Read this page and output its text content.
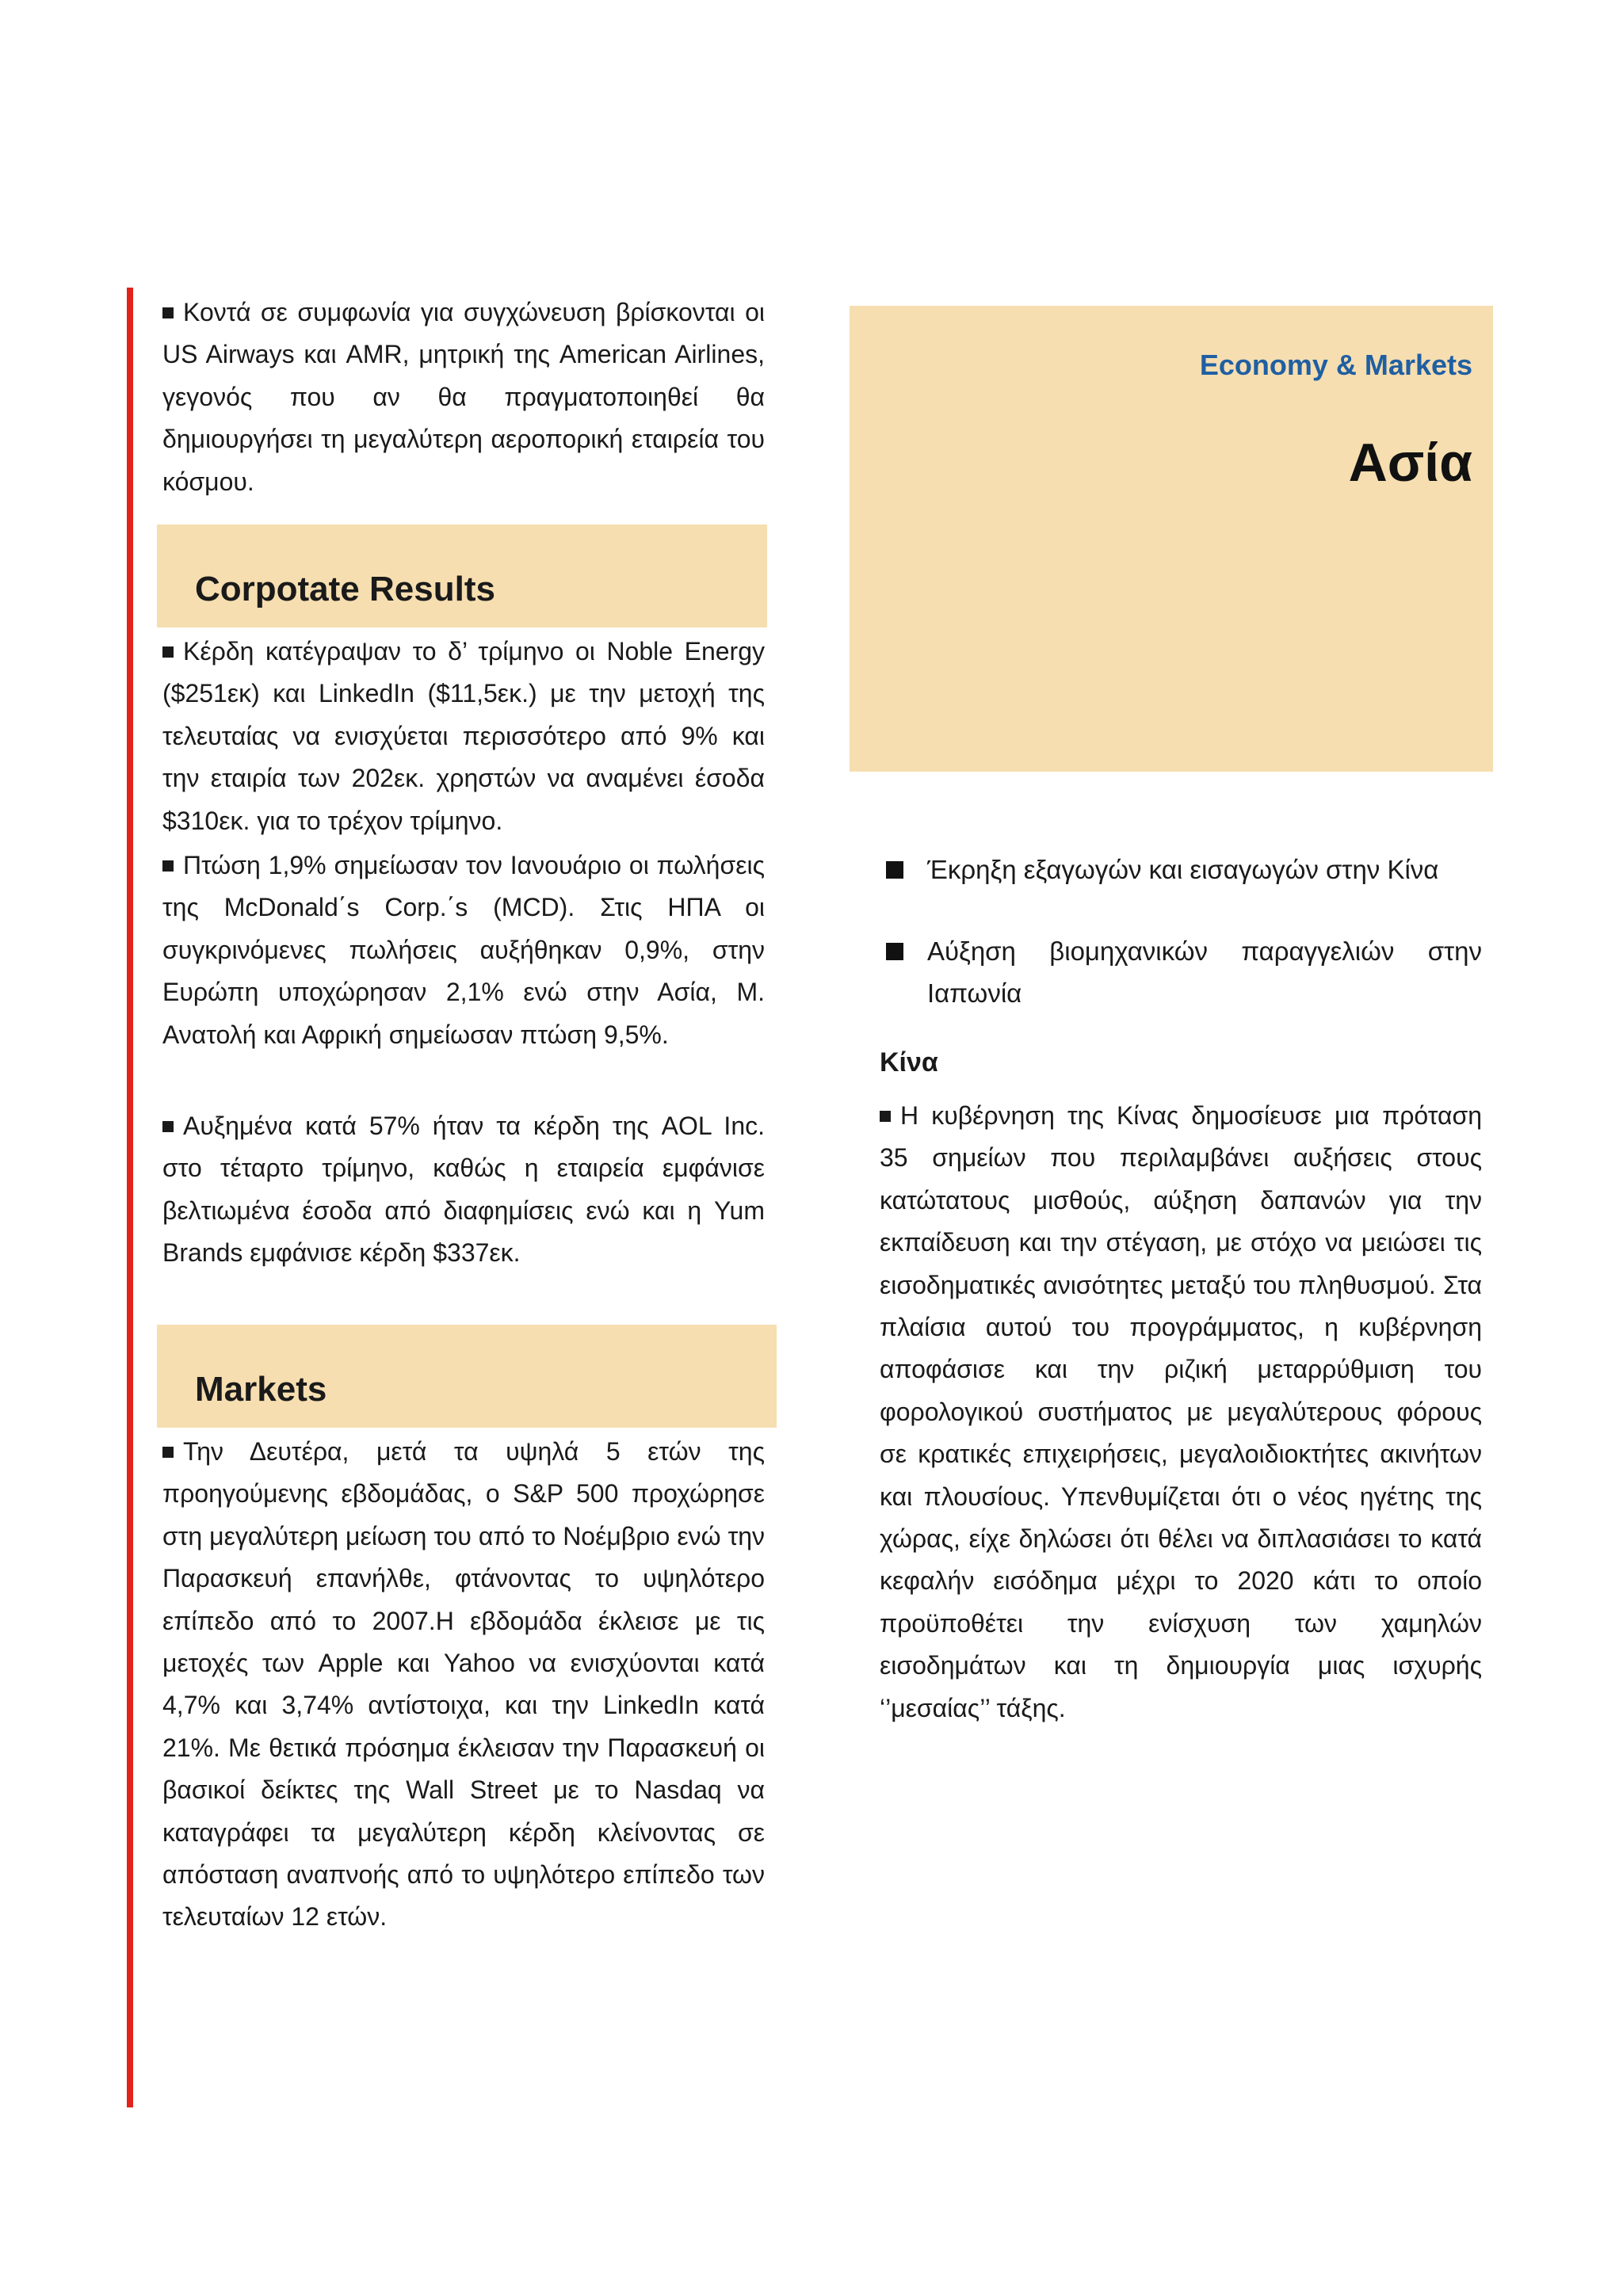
Κοντά σε συμφωνία για συγχώνευση βρίσκονται οι US Airways και AMR, μητρική της American Airlines, γεγονός που αν θα πραγματοποιηθεί θα δημιουργήσει τη μεγαλύτερη αεροπορική εταιρεία του κόσμου.

Corpotate Results

Κέρδη κατέγραψαν το δ’ τρίμηνο οι Noble Energy ($251εκ) και LinkedIn ($11,5εκ.) με την μετοχή της τελευταίας να ενισχύεται περισσότερο από 9% και την εταιρία των 202εκ. χρηστών να αναμένει έσοδα $310εκ. για το τρέχον τρίμηνο.

Πτώση 1,9% σημείωσαν τον Ιανουάριο οι πωλήσεις της McDonald΄s Corp.΄s (MCD). Στις ΗΠΑ οι συγκρινόμενες πωλήσεις αυξήθηκαν 0,9%, στην Ευρώπη υποχώρησαν 2,1% ενώ στην Ασία, Μ. Ανατολή και Αφρική σημείωσαν πτώση 9,5%.

Αυξημένα κατά 57% ήταν τα κέρδη της AOL Inc. στο τέταρτο τρίμηνο, καθώς η εταιρεία εμφάνισε βελτιωμένα έσοδα από διαφημίσεις ενώ και η Yum Brands εμφάνισε κέρδη $337εκ.

Markets

Την Δευτέρα, μετά τα υψηλά 5 ετών της προηγούμενης εβδομάδας, ο S&P 500 προχώρησε στη μεγαλύτερη μείωση του από το Νοέμβριο ενώ την Παρασκευή επανήλθε, φτάνοντας το υψηλότερο επίπεδο από το 2007.Η εβδομάδα έκλεισε με τις μετοχές των Apple και Yahoo να ενισχύονται κατά 4,7% και 3,74% αντίστοιχα, και την LinkedIn κατά 21%. Με θετικά πρόσημα έκλεισαν την Παρασκευή οι βασικοί δείκτες της Wall Street με το Nasdaq να καταγράφει τα μεγαλύτερη κέρδη κλείνοντας σε απόσταση αναπνοής από το υψηλότερο επίπεδο των τελευταίων 12 ετών.

Economy & Markets

Ασία

Έκρηξη εξαγωγών και εισαγωγών στην Κίνα

Αύξηση βιομηχανικών παραγγελιών στην Ιαπωνία

Κίνα

Η κυβέρνηση της Κίνας δημοσίευσε μια πρόταση 35 σημείων που περιλαμβάνει αυξήσεις στους κατώτατους μισθούς, αύξηση δαπανών για την εκπαίδευση και την στέγαση, με στόχο να μειώσει τις εισοδηματικές ανισότητες μεταξύ του πληθυσμού. Στα πλαίσια αυτού του προγράμματος, η κυβέρνηση αποφάσισε και την ριζική μεταρρύθμιση του φορολογικού συστήματος με μεγαλύτερους φόρους σε κρατικές επιχειρήσεις, μεγαλοιδιοκτήτες ακινήτων και πλουσίους. Υπενθυμίζεται ότι ο νέος ηγέτης της χώρας, είχε δηλώσει ότι θέλει να διπλασιάσει το κατά κεφαλήν εισόδημα μέχρι το 2020 κάτι το οποίο προϋποθέτει την ενίσχυση των χαμηλών εισοδημάτων και τη δημιουργία μιας ισχυρής ‘’μεσαίας’’ τάξης.
